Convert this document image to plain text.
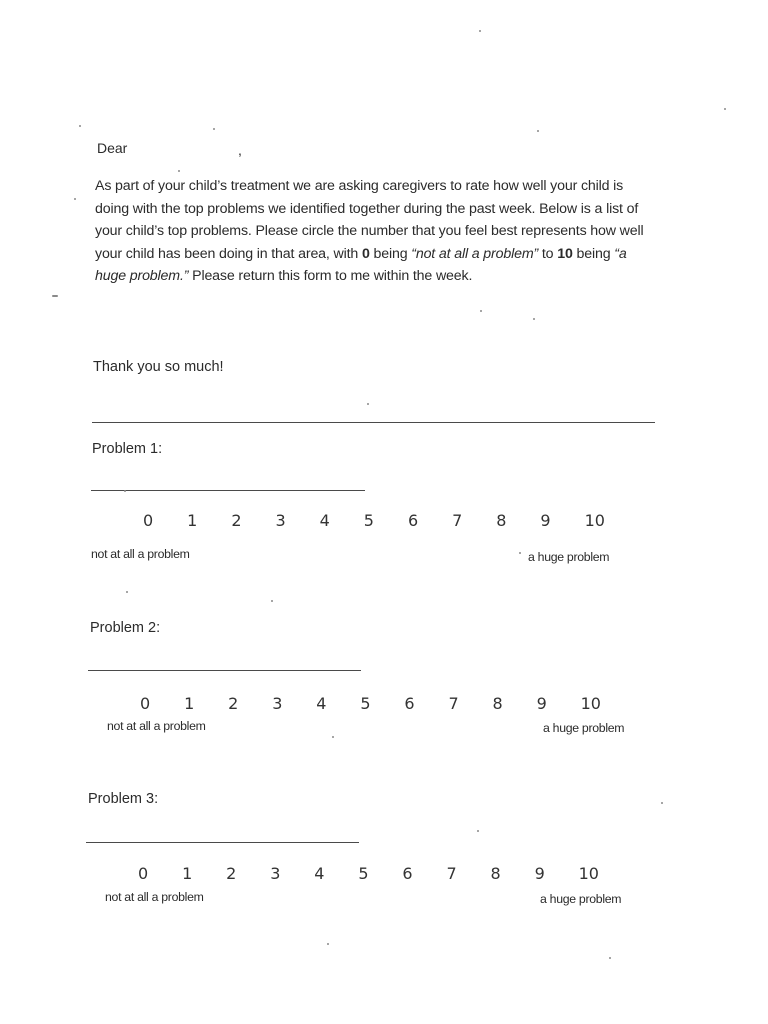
Dear	,
As part of your child’s treatment we are asking caregivers to rate how well your child is doing with the top problems we identified together during the past week. Below is a list of your child’s top problems. Please circle the number that you feel best represents how well your child has been doing in that area, with 0 being “not at all a problem” to 10 being “a huge problem.” Please return this form to me within the week.
Thank you so much!
Problem 1:
0 1 2 3 4 5 6 7 8 9 10
not at all a problem	a huge problem
Problem 2:
0 1 2 3 4 5 6 7 8 9 10
not at all a problem	a huge problem
Problem 3:
0 1 2 3 4 5 6 7 8 9 10
not at all a problem	a huge problem
